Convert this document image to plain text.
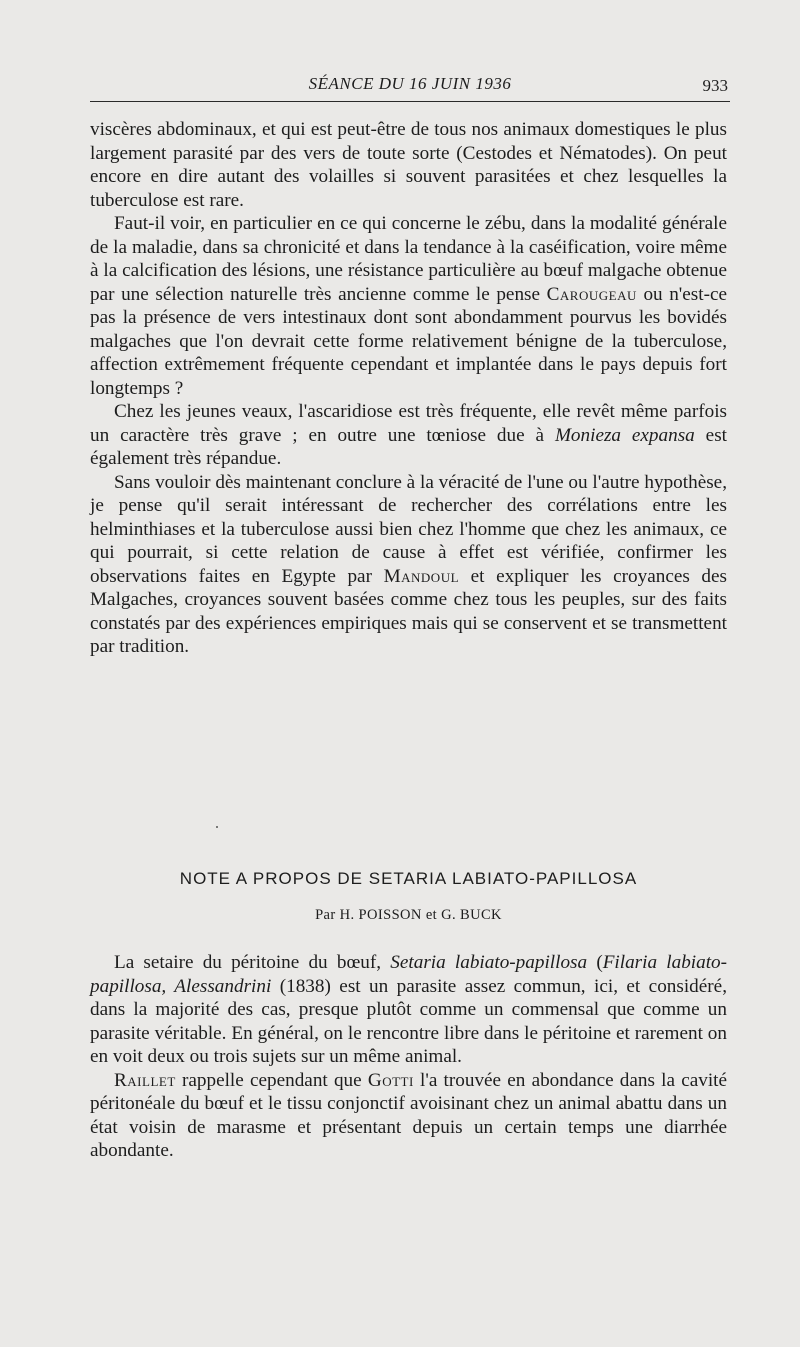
SÉANCE DU 16 JUIN 1936	933

viscères abdominaux, et qui est peut-être de tous nos animaux domestiques le plus largement parasité par des vers de toute sorte (Cestodes et Nématodes). On peut encore en dire autant des volailles si souvent parasitées et chez lesquelles la tuberculose est rare.

Faut-il voir, en particulier en ce qui concerne le zébu, dans la modalité générale de la maladie, dans sa chronicité et dans la tendance à la caséification, voire même à la calcification des lésions, une résistance particulière au bœuf malgache obtenue par une sélection naturelle très ancienne comme le pense Carougeau ou n'est-ce pas la présence de vers intestinaux dont sont abondamment pourvus les bovidés malgaches que l'on devrait cette forme relativement bénigne de la tuberculose, affection extrêmement fréquente cependant et implantée dans le pays depuis fort longtemps ?

Chez les jeunes veaux, l'ascaridiose est très fréquente, elle revêt même parfois un caractère très grave ; en outre une tœniose due à Monieza expansa est également très répandue.

Sans vouloir dès maintenant conclure à la véracité de l'une ou l'autre hypothèse, je pense qu'il serait intéressant de rechercher des corrélations entre les helminthiases et la tuberculose aussi bien chez l'homme que chez les animaux, ce qui pourrait, si cette relation de cause à effet est vérifiée, confirmer les observations faites en Egypte par Mandoul et expliquer les croyances des Malgaches, croyances souvent basées comme chez tous les peuples, sur des faits constatés par des expériences empiriques mais qui se conservent et se transmettent par tradition.

NOTE A PROPOS DE SETARIA LABIATO-PAPILLOSA
Par H. POISSON et G. BUCK

La setaire du péritoine du bœuf, Setaria labiato-papillosa (Filaria labiato-papillosa, Alessandrini (1838) est un parasite assez commun, ici, et considéré, dans la majorité des cas, presque plutôt comme un commensal que comme un parasite véritable. En général, on le rencontre libre dans le péritoine et rarement on en voit deux ou trois sujets sur un même animal.

Raillet rappelle cependant que Gotti l'a trouvée en abondance dans la cavité péritonéale du bœuf et le tissu conjonctif avoisinant chez un animal abattu dans un état voisin de marasme et présentant depuis un certain temps une diarrhée abondante.
